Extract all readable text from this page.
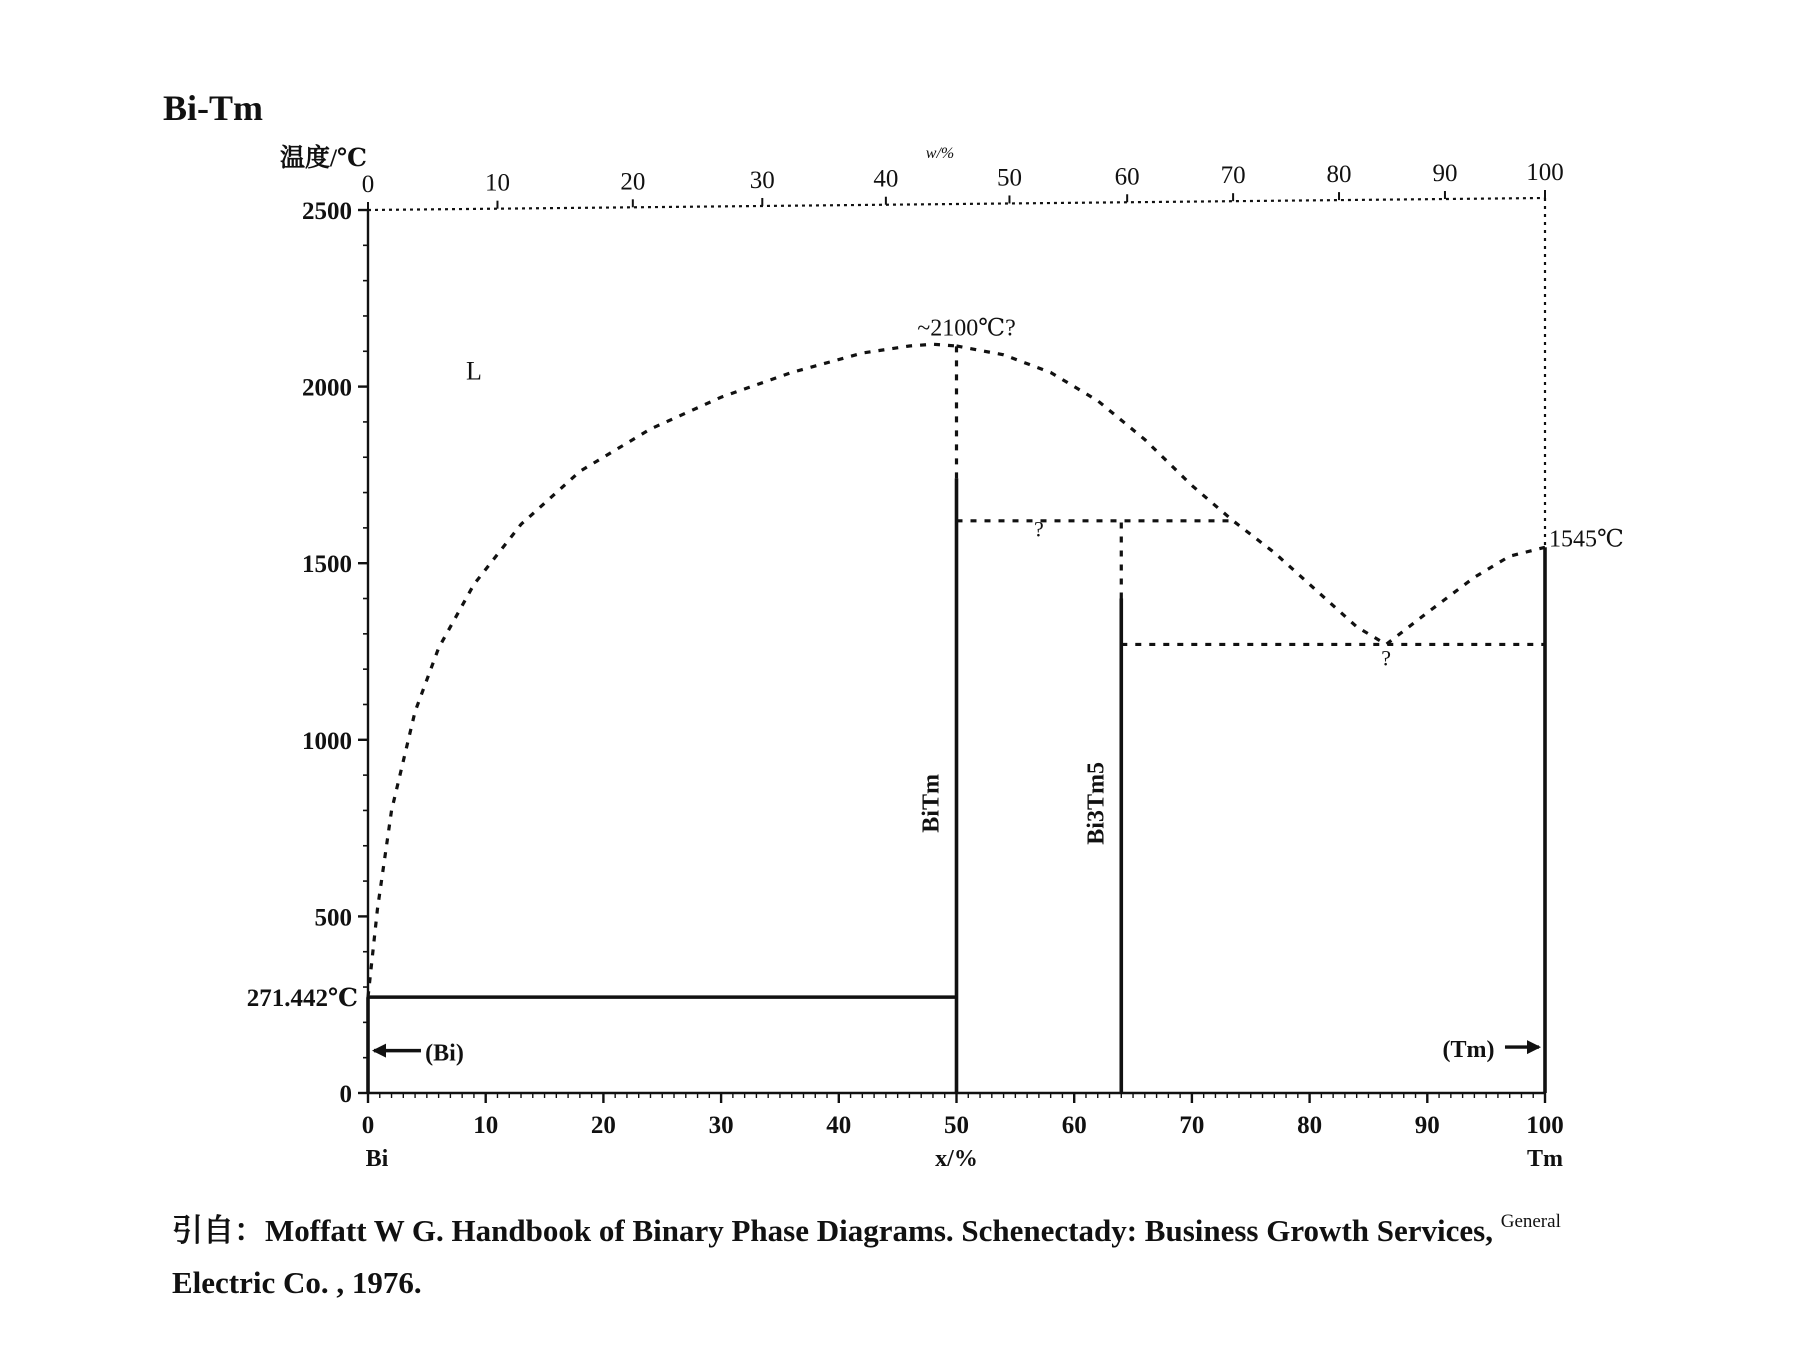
Bi-Tm
温度/℃	w/%
x/%
0
500
1000
1500
2000
2500
0	10	20	30	40	50	60	70	80	90	100
Bi	Tm
0	10	20	30	40	50	60	70	80	90	100
BiTm	Bi3Tm5
L
(Bi)	(Tm)
~2100℃?
1545℃
271.442℃
?
?
引自：Moffatt W G. Handbook of Binary Phase Diagrams. Schenectady: Business Growth Services, $^{General}$
Electric Co. , 1976.
